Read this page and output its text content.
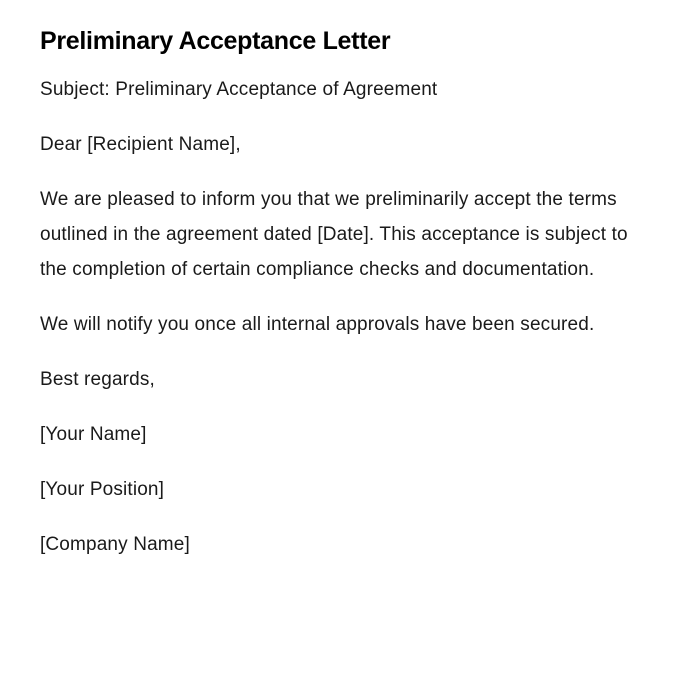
Preliminary Acceptance Letter

Subject: Preliminary Acceptance of Agreement

Dear [Recipient Name],

We are pleased to inform you that we preliminarily accept the terms outlined in the agreement dated [Date]. This acceptance is subject to the completion of certain compliance checks and documentation.

We will notify you once all internal approvals have been secured.

Best regards,

[Your Name]

[Your Position]

[Company Name]
